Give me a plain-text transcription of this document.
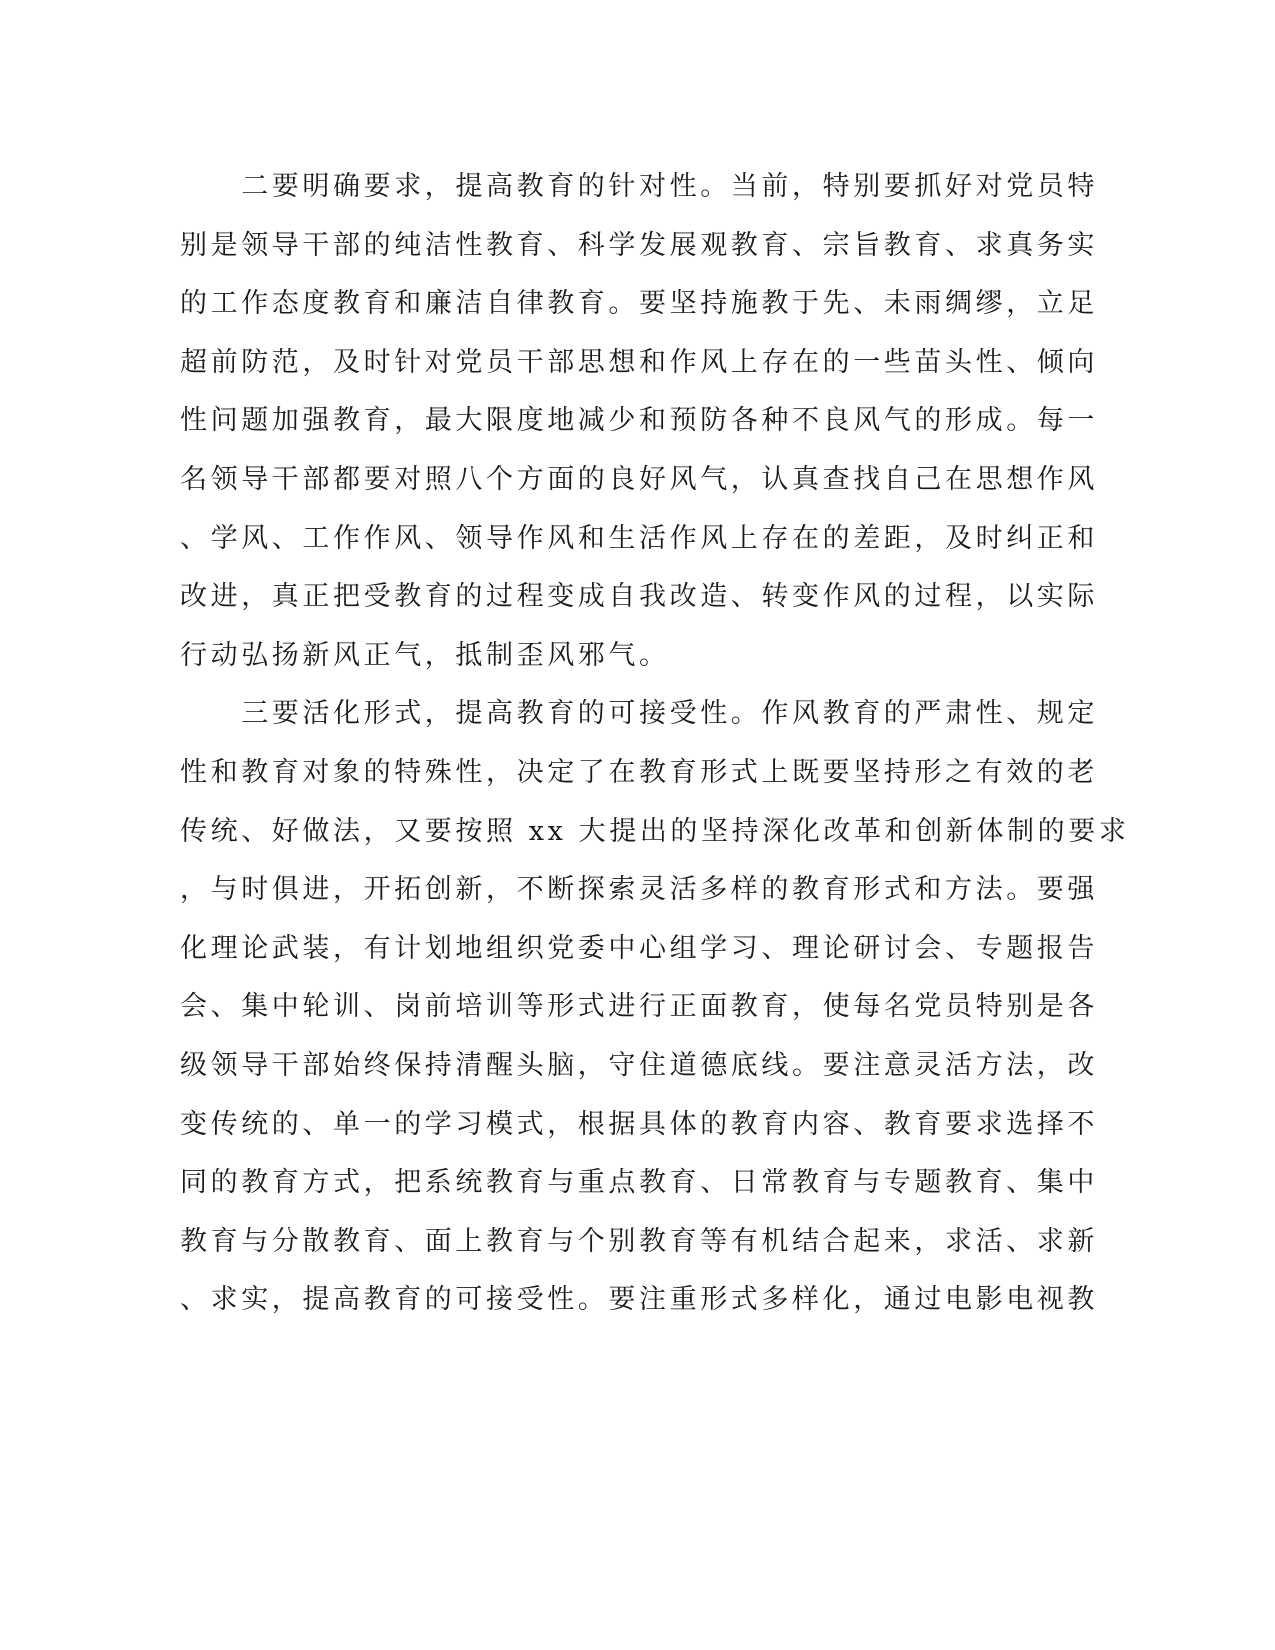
　　二要明确要求，提高教育的针对性。当前，特别要抓好对党员特
别是领导干部的纯洁性教育、科学发展观教育、宗旨教育、求真务实
的工作态度教育和廉洁自律教育。要坚持施教于先、未雨绸缪，立足
超前防范，及时针对党员干部思想和作风上存在的一些苗头性、倾向
性问题加强教育，最大限度地减少和预防各种不良风气的形成。每一
名领导干部都要对照八个方面的良好风气，认真查找自己在思想作风
、学风、工作作风、领导作风和生活作风上存在的差距，及时纠正和
改进，真正把受教育的过程变成自我改造、转变作风的过程，以实际
行动弘扬新风正气，抵制歪风邪气。
　　三要活化形式，提高教育的可接受性。作风教育的严肃性、规定
性和教育对象的特殊性，决定了在教育形式上既要坚持形之有效的老
传统、好做法，又要按照 xx 大提出的坚持深化改革和创新体制的要求
，与时俱进，开拓创新，不断探索灵活多样的教育形式和方法。要强
化理论武装，有计划地组织党委中心组学习、理论研讨会、专题报告
会、集中轮训、岗前培训等形式进行正面教育，使每名党员特别是各
级领导干部始终保持清醒头脑，守住道德底线。要注意灵活方法，改
变传统的、单一的学习模式，根据具体的教育内容、教育要求选择不
同的教育方式，把系统教育与重点教育、日常教育与专题教育、集中
教育与分散教育、面上教育与个别教育等有机结合起来，求活、求新
、求实，提高教育的可接受性。要注重形式多样化，通过电影电视教
